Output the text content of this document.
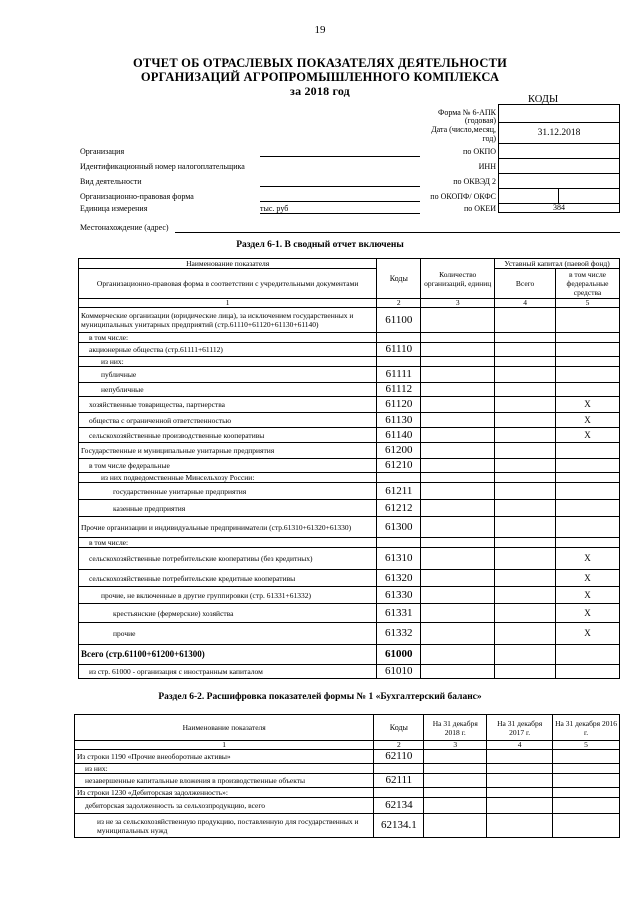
19
ОТЧЕТ ОБ ОТРАСЛЕВЫХ ПОКАЗАТЕЛЯХ ДЕЯТЕЛЬНОСТИ
ОРГАНИЗАЦИЙ АГРОПРОМЫШЛЕННОГО КОМПЛЕКСА
за 2018 год
КОДЫ
Форма № 6-АПК
(годовая)
Дата (число,месяц,
год)
31.12.2018
384
Организация	по ОКПО
Идентификационный номер налогоплательщика	ИНН
Вид деятельности	по ОКВЭД 2
Организационно-правовая форма	по ОКОПФ/ ОКФС
Единица измерения	тыс. руб	по ОКЕИ
Местонахождение (адрес)
Раздел 6-1. В сводный отчет включены
Наименование показателя	Коды	Количество организаций, единиц	Уставный капитал (паевой фонд)	
Организационно-правовая форма в соответствии с учредительными документами			Всего	в том числе федеральные средства
1	2	3	4	5
Коммерческие организации (юридические лица), за исключением государственных и муниципальных унитарных предприятий (стр.61110+61120+61130+61140)	61100			
в том числе:				
акционерные общества (стр.61111+61112)	61110			
из них:				
публичные	61111			
непубличные	61112			
хозяйственные товарищества, партнерства	61120			X
общества с ограниченной ответственностью	61130			X
сельскохозяйственные производственные кооперативы	61140			X
Государственные и муниципальные унитарные предприятия	61200			
в том числе федеральные	61210			
из них подведомственные Минсельхозу России:				
государственные унитарные предприятия	61211			
казенные предприятия	61212			
Прочие организации и индивидуальные предприниматели (стр.61310+61320+61330)	61300			
в том числе:				
сельскохозяйственные потребительские кооперативы (без кредитных)	61310			X
сельскохозяйственные потребительские кредитные кооперативы	61320			X
прочие, не включенные в другие группировки (стр. 61331+61332)	61330			X
крестьянские (фермерские) хозяйства	61331			X
прочие	61332			X
Всего (стр.61100+61200+61300)	61000			
из стр. 61000 - организация с иностранным капиталом	61010			
Раздел 6-2. Расшифровка показателей формы № 1 «Бухгалтерский баланс»
Наименование показателя	Коды	На 31 декабря 2018 г.	На 31 декабря 2017 г.	На 31 декабря 2016 г.
1	2	3	4	5
Из строки 1190 «Прочие внеоборотные активы»	62110			
из них:				
незавершенные капитальные вложения в производственные объекты	62111			
Из строки 1230 «Дебиторская задолженность»:				
дебиторская задолженность за сельхозпродукцию, всего	62134			
из не за сельскохозяйственную продукцию, поставленную для государственных и муниципальных нужд	62134.1			
